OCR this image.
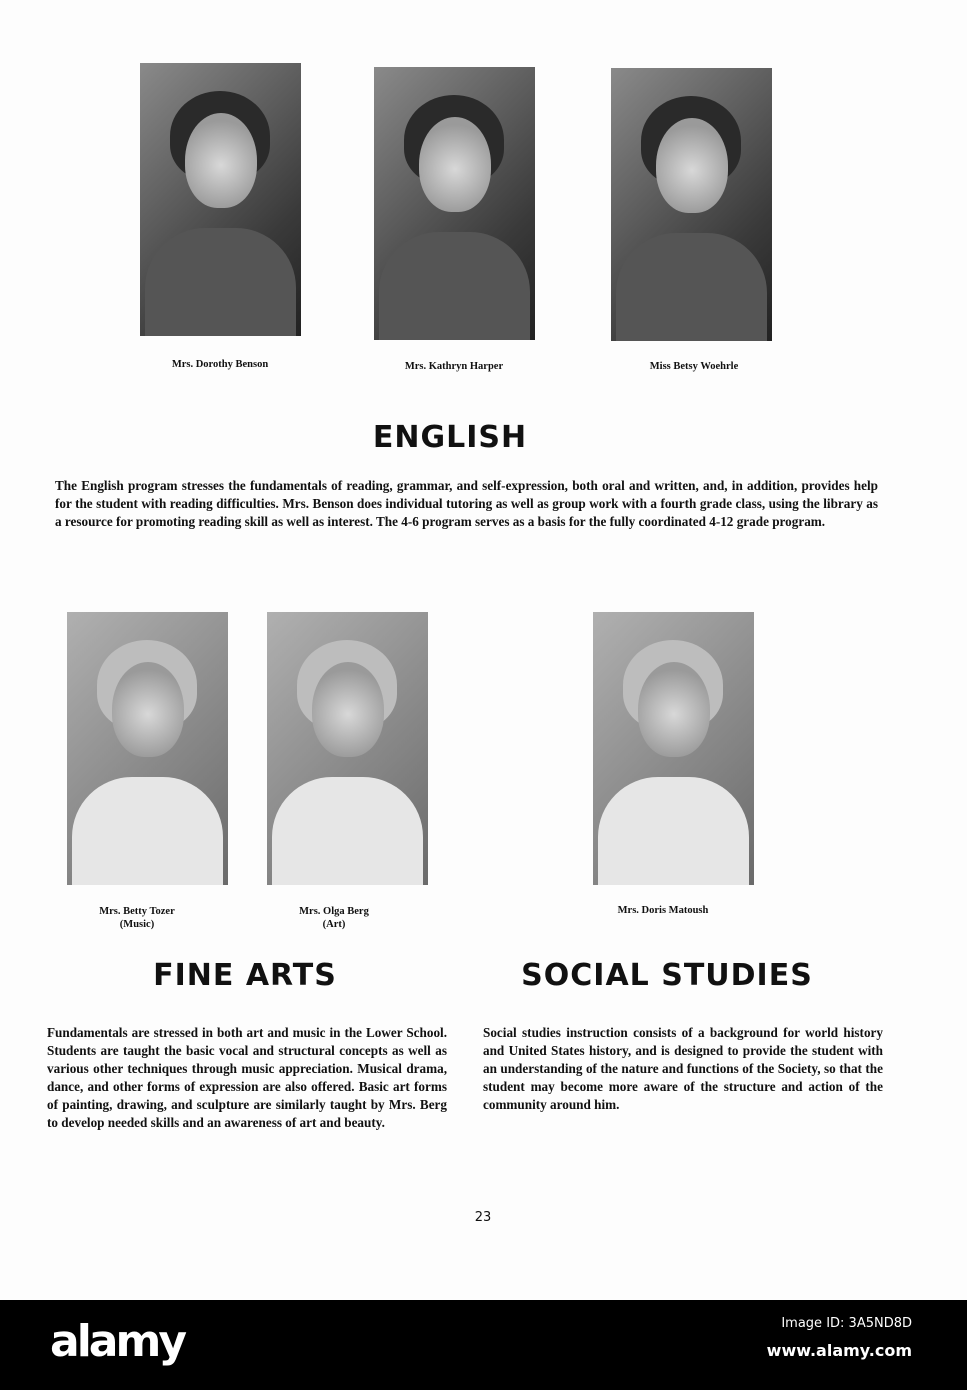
Mrs. Dorothy Benson	Mrs. Kathryn Harper	Miss Betsy Woehrle
ENGLISH

The English program stresses the fundamentals of reading, grammar, and self-expression, both oral and written, and, in addition, provides help for the student with reading difficulties. Mrs. Benson does individual tutoring as well as group work with a fourth grade class, using the library as a resource for promoting reading skill as well as interest. The 4-6 program serves as a basis for the fully coordinated 4-12 grade program.

Mrs. Betty Tozer
(Music)
Mrs. Olga Berg
(Art)
Mrs. Doris Matoush
FINE ARTS	SOCIAL STUDIES

Fundamentals are stressed in both art and music in the Lower School. Students are taught the basic vocal and structural concepts as well as various other techniques through music appreciation. Musical drama, dance, and other forms of expression are also offered. Basic art forms of painting, drawing, and sculpture are similarly taught by Mrs. Berg to develop needed skills and an awareness of art and beauty.

Social studies instruction consists of a background for world history and United States history, and is designed to provide the student with an understanding of the nature and functions of the Society, so that the student may become more aware of the structure and action of the community around him.

23
alamy	Image ID: 3A5ND8D
www.alamy.com
